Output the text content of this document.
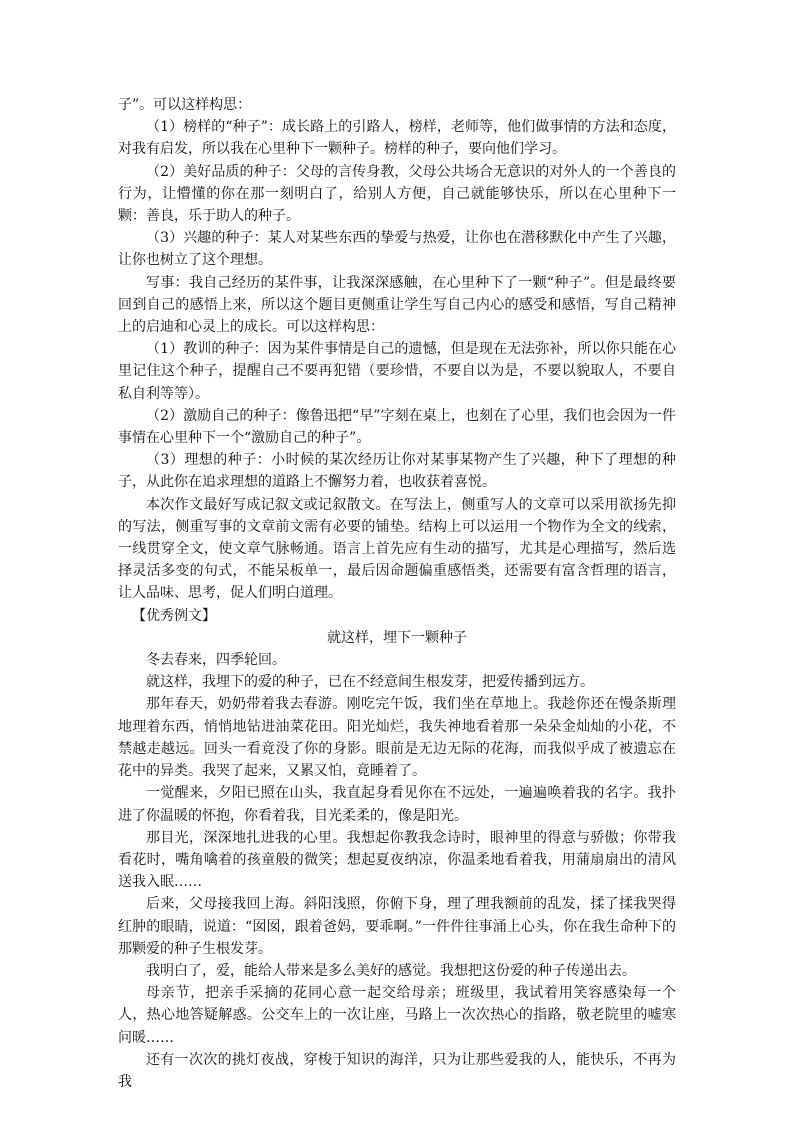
子”。可以这样构思：

（1）榜样的“种子”：成长路上的引路人，榜样，老师等，他们做事情的方法和态度，对我有启发，所以我在心里种下一颗种子。榜样的种子，要向他们学习。

（2）美好品质的种子：父母的言传身教，父母公共场合无意识的对外人的一个善良的行为，让懵懂的你在那一刻明白了，给别人方便，自己就能够快乐，所以在心里种下一颗：善良，乐于助人的种子。

（3）兴趣的种子：某人对某些东西的挚爱与热爱，让你也在潜移默化中产生了兴趣，让你也树立了这个理想。

写事：我自己经历的某件事，让我深深感触，在心里种下了一颗“种子”。但是最终要回到自己的感悟上来，所以这个题目更侧重让学生写自己内心的感受和感悟，写自己精神上的启迪和心灵上的成长。可以这样构思：

（1）教训的种子：因为某件事情是自己的遗憾，但是现在无法弥补，所以你只能在心里记住这个种子，提醒自己不要再犯错（要珍惜，不要自以为是，不要以貌取人，不要自私自利等等）。

（2）激励自己的种子：像鲁迅把“早”字刻在桌上，也刻在了心里，我们也会因为一件事情在心里种下一个“激励自己的种子”。

（3）理想的种子：小时候的某次经历让你对某事某物产生了兴趣，种下了理想的种子，从此你在追求理想的道路上不懈努力着，也收获着喜悦。

本次作文最好写成记叙文或记叙散文。在写法上，侧重写人的文章可以采用欲扬先抑的写法，侧重写事的文章前文需有必要的铺垫。结构上可以运用一个物作为全文的线索，一线贯穿全文，使文章气脉畅通。语言上首先应有生动的描写，尤其是心理描写，然后选择灵活多变的句式，不能呆板单一，最后因命题偏重感悟类，还需要有富含哲理的语言，让人品味、思考，促人们明白道理。

【优秀例文】

就这样，埋下一颗种子

冬去春来，四季轮回。

就这样，我埋下的爱的种子，已在不经意间生根发芽，把爱传播到远方。

那年春天，奶奶带着我去春游。刚吃完午饭，我们坐在草地上。我趁你还在慢条斯理地理着东西，悄悄地钻进油菜花田。阳光灿烂，我失神地看着那一朵朵金灿灿的小花，不禁越走越远。回头一看竟没了你的身影。眼前是无边无际的花海，而我似乎成了被遗忘在花中的异类。我哭了起来，又累又怕，竟睡着了。

一觉醒来，夕阳已照在山头，我直起身看见你在不远处，一遍遍唤着我的名字。我扑进了你温暖的怀抱，你看着我，目光柔柔的，像是阳光。

那目光，深深地扎进我的心里。我想起你教我念诗时，眼神里的得意与骄傲；你带我看花时，嘴角噙着的孩童般的微笑；想起夏夜纳凉，你温柔地看着我，用蒲扇扇出的清风送我入眠……

后来，父母接我回上海。斜阳浅照，你俯下身，理了理我额前的乱发，揉了揉我哭得红肿的眼睛，说道：“囡囡，跟着爸妈，要乖啊。”一件件往事涌上心头，你在我生命种下的那颗爱的种子生根发芽。

我明白了，爱，能给人带来是多么美好的感觉。我想把这份爱的种子传递出去。

母亲节，把亲手采摘的花同心意一起交给母亲；班级里，我试着用笑容感染每一个人，热心地答疑解惑。公交车上的一次让座，马路上一次次热心的指路，敬老院里的嘘寒问暖……

还有一次次的挑灯夜战，穿梭于知识的海洋，只为让那些爱我的人，能快乐，不再为我
